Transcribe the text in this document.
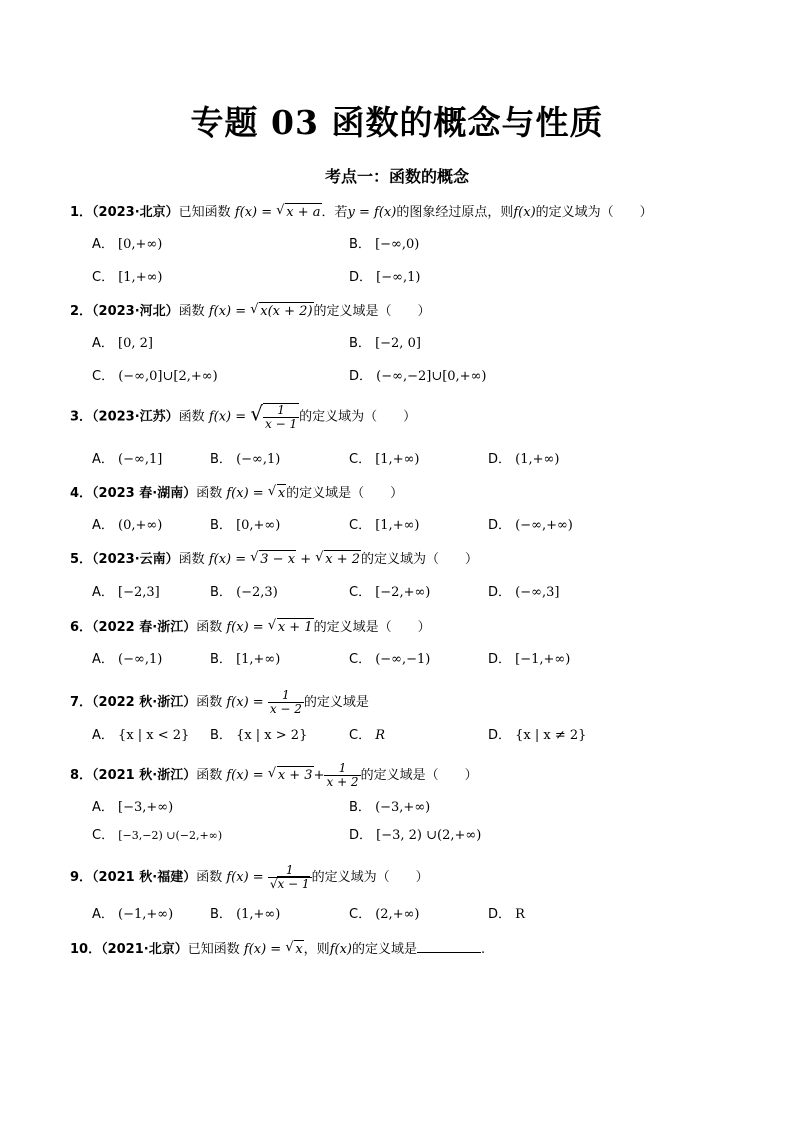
专题 03 函数的概念与性质
考点一：函数的概念
1．（2023·北京）已知函数 f(x) = √ x + a．若y = f(x)的图象经过原点，则f(x)的定义域为（　　）
A． [0,+∞)	B． [−∞,0)
C． [1,+∞)	D． [−∞,1)
2．（2023·河北）函数 f(x) = √ x(x + 2)的定义域是（　　）
A． [0, 2]	B． [−2, 0]
C． (−∞,0]∪[2,+∞)	D． (−∞,−2]∪[0,+∞)
3．（2023·江苏）函数 f(x) = √ $\frac{1}{x - 1}$ 的定义域为（　　）
A． (−∞,1]	B． (−∞,1)	C． [1,+∞)	D． (1,+∞)
4．（2023 春·湖南）函数 f(x) = √ x的定义域是（　　）
A． (0,+∞)	B． [0,+∞)	C． [1,+∞)	D． (−∞,+∞)
5．（2023·云南）函数 f(x) = √ 3 − x + √ x + 2的定义域为（　　）
A． [−2,3]	B． (−2,3)	C． [−2,+∞)	D． (−∞,3]
6．（2022 春·浙江）函数 f(x) = √ x + 1的定义域是（　　）
A． (−∞,1)	B． [1,+∞)	C． (−∞,−1)	D． [−1,+∞)
7．（2022 秋·浙江）函数 $f(x) = \frac{1}{x - 2}$ 的定义域是
A． {x | x < 2} B． {x | x > 2}	C． R	D． {x | x ≠ 2}
8．（2021 秋·浙江）函数 f(x) = √ $x + 3+ \frac{1}{x + 2}$ 的定义域是（　　）
A． [−3,+∞)	B． (−3,+∞)
C． [−3,−2) ∪(−2,+∞)	D． [−3, 2) ∪(2,+∞)
9．（2021 秋·福建）函数 $f(x) = \frac{1}{√x - 1}$ 的定义域为（　　）
A． (−1,+∞)	B． (1,+∞)	C． (2,+∞)	D． R
10．（2021·北京）已知函数 f(x) = √ x，则f(x)的定义域是	.
